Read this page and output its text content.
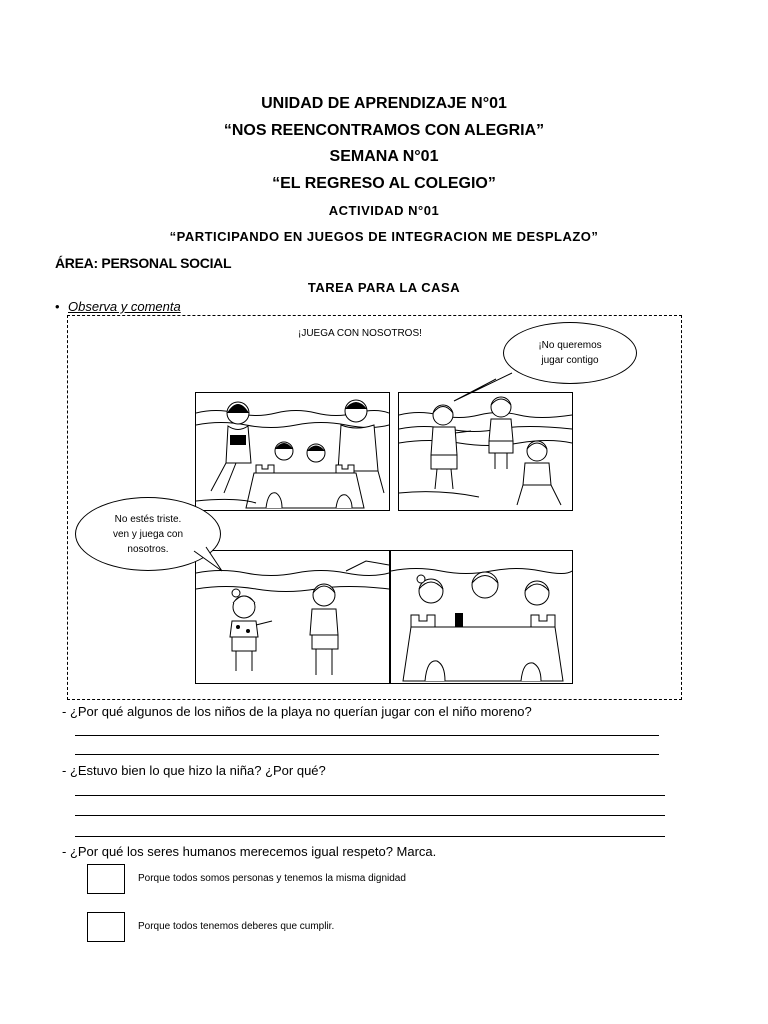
UNIDAD DE APRENDIZAJE N°01
“NOS REENCONTRAMOS CON ALEGRIA”
SEMANA N°01
“EL REGRESO AL COLEGIO”
ACTIVIDAD N°01
“PARTICIPANDO EN JUEGOS DE INTEGRACION ME DESPLAZO”
ÁREA: PERSONAL SOCIAL
TAREA PARA LA CASA
• Observa y comenta
¡JUEGA CON NOSOTROS!
¡No queremos
jugar contigo
No estés triste.
ven y juega con
nosotros.
- ¿Por qué algunos de los niños de la playa no querían jugar con el niño moreno?
- ¿Estuvo bien lo que hizo la niña? ¿Por qué?
- ¿Por qué los seres humanos merecemos igual respeto? Marca.
Porque todos somos personas y tenemos la misma dignidad
Porque todos tenemos deberes que cumplir.
